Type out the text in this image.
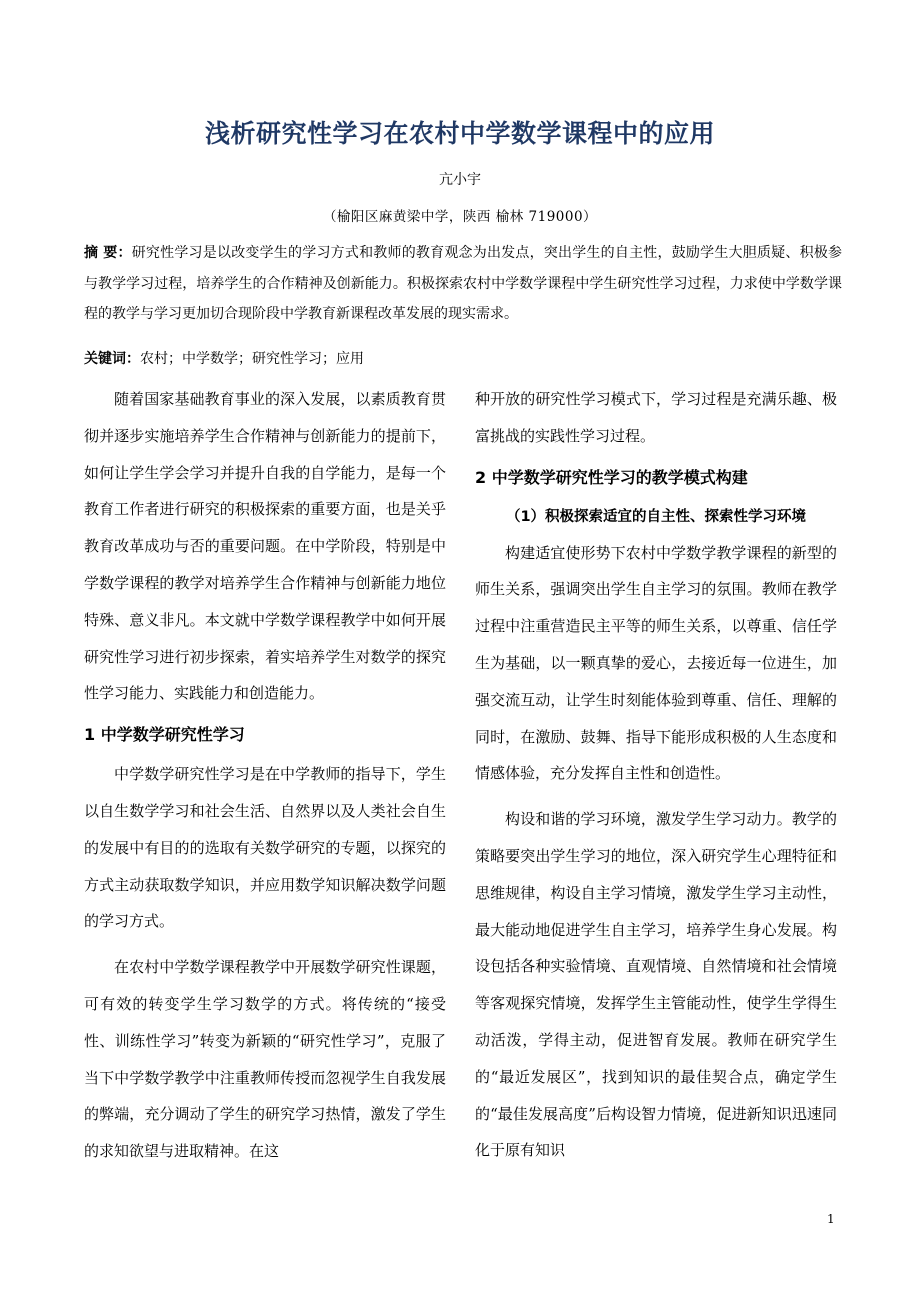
浅析研究性学习在农村中学数学课程中的应用
亢小宇
（榆阳区麻黄梁中学，陕西 榆林 719000）
摘 要：研究性学习是以改变学生的学习方式和教师的教育观念为出发点，突出学生的自主性，鼓励学生大胆质疑、积极参与教学学习过程，培养学生的合作精神及创新能力。积极探索农村中学数学课程中学生研究性学习过程，力求使中学数学课程的教学与学习更加切合现阶段中学教育新课程改革发展的现实需求。
关键词：农村；中学数学；研究性学习；应用

随着国家基础教育事业的深入发展，以素质教育贯彻并逐步实施培养学生合作精神与创新能力的提前下，如何让学生学会学习并提升自我的自学能力，是每一个教育工作者进行研究的积极探索的重要方面，也是关乎教育改革成功与否的重要问题。在中学阶段，特别是中学数学课程的教学对培养学生合作精神与创新能力地位特殊、意义非凡。本文就中学数学课程教学中如何开展研究性学习进行初步探索，着实培养学生对数学的探究性学习能力、实践能力和创造能力。

1 中学数学研究性学习

中学数学研究性学习是在中学教师的指导下，学生以自生数学学习和社会生活、自然界以及人类社会自生的发展中有目的的选取有关数学研究的专题，以探究的方式主动获取数学知识，并应用数学知识解决数学问题的学习方式。

在农村中学数学课程教学中开展数学研究性课题，可有效的转变学生学习数学的方式。将传统的“接受性、训练性学习”转变为新颖的“研究性学习”，克服了当下中学数学教学中注重教师传授而忽视学生自我发展的弊端，充分调动了学生的研究学习热情，激发了学生的求知欲望与进取精神。在这

种开放的研究性学习模式下，学习过程是充满乐趣、极富挑战的实践性学习过程。

2 中学数学研究性学习的教学模式构建
（1）积极探索适宜的自主性、探索性学习环境

构建适宜使形势下农村中学数学教学课程的新型的师生关系，强调突出学生自主学习的氛围。教师在教学过程中注重营造民主平等的师生关系，以尊重、信任学生为基础，以一颗真挚的爱心，去接近每一位进生，加强交流互动，让学生时刻能体验到尊重、信任、理解的同时，在激励、鼓舞、指导下能形成积极的人生态度和情感体验，充分发挥自主性和创造性。

构设和谐的学习环境，激发学生学习动力。教学的策略要突出学生学习的地位，深入研究学生心理特征和思维规律，构设自主学习情境，激发学生学习主动性，最大能动地促进学生自主学习，培养学生身心发展。构设包括各种实验情境、直观情境、自然情境和社会情境等客观探究情境，发挥学生主管能动性，使学生学得生动活泼，学得主动，促进智育发展。教师在研究学生的“最近发展区”，找到知识的最佳契合点，确定学生的“最佳发展高度”后构设智力情境，促进新知识迅速同化于原有知识

1
